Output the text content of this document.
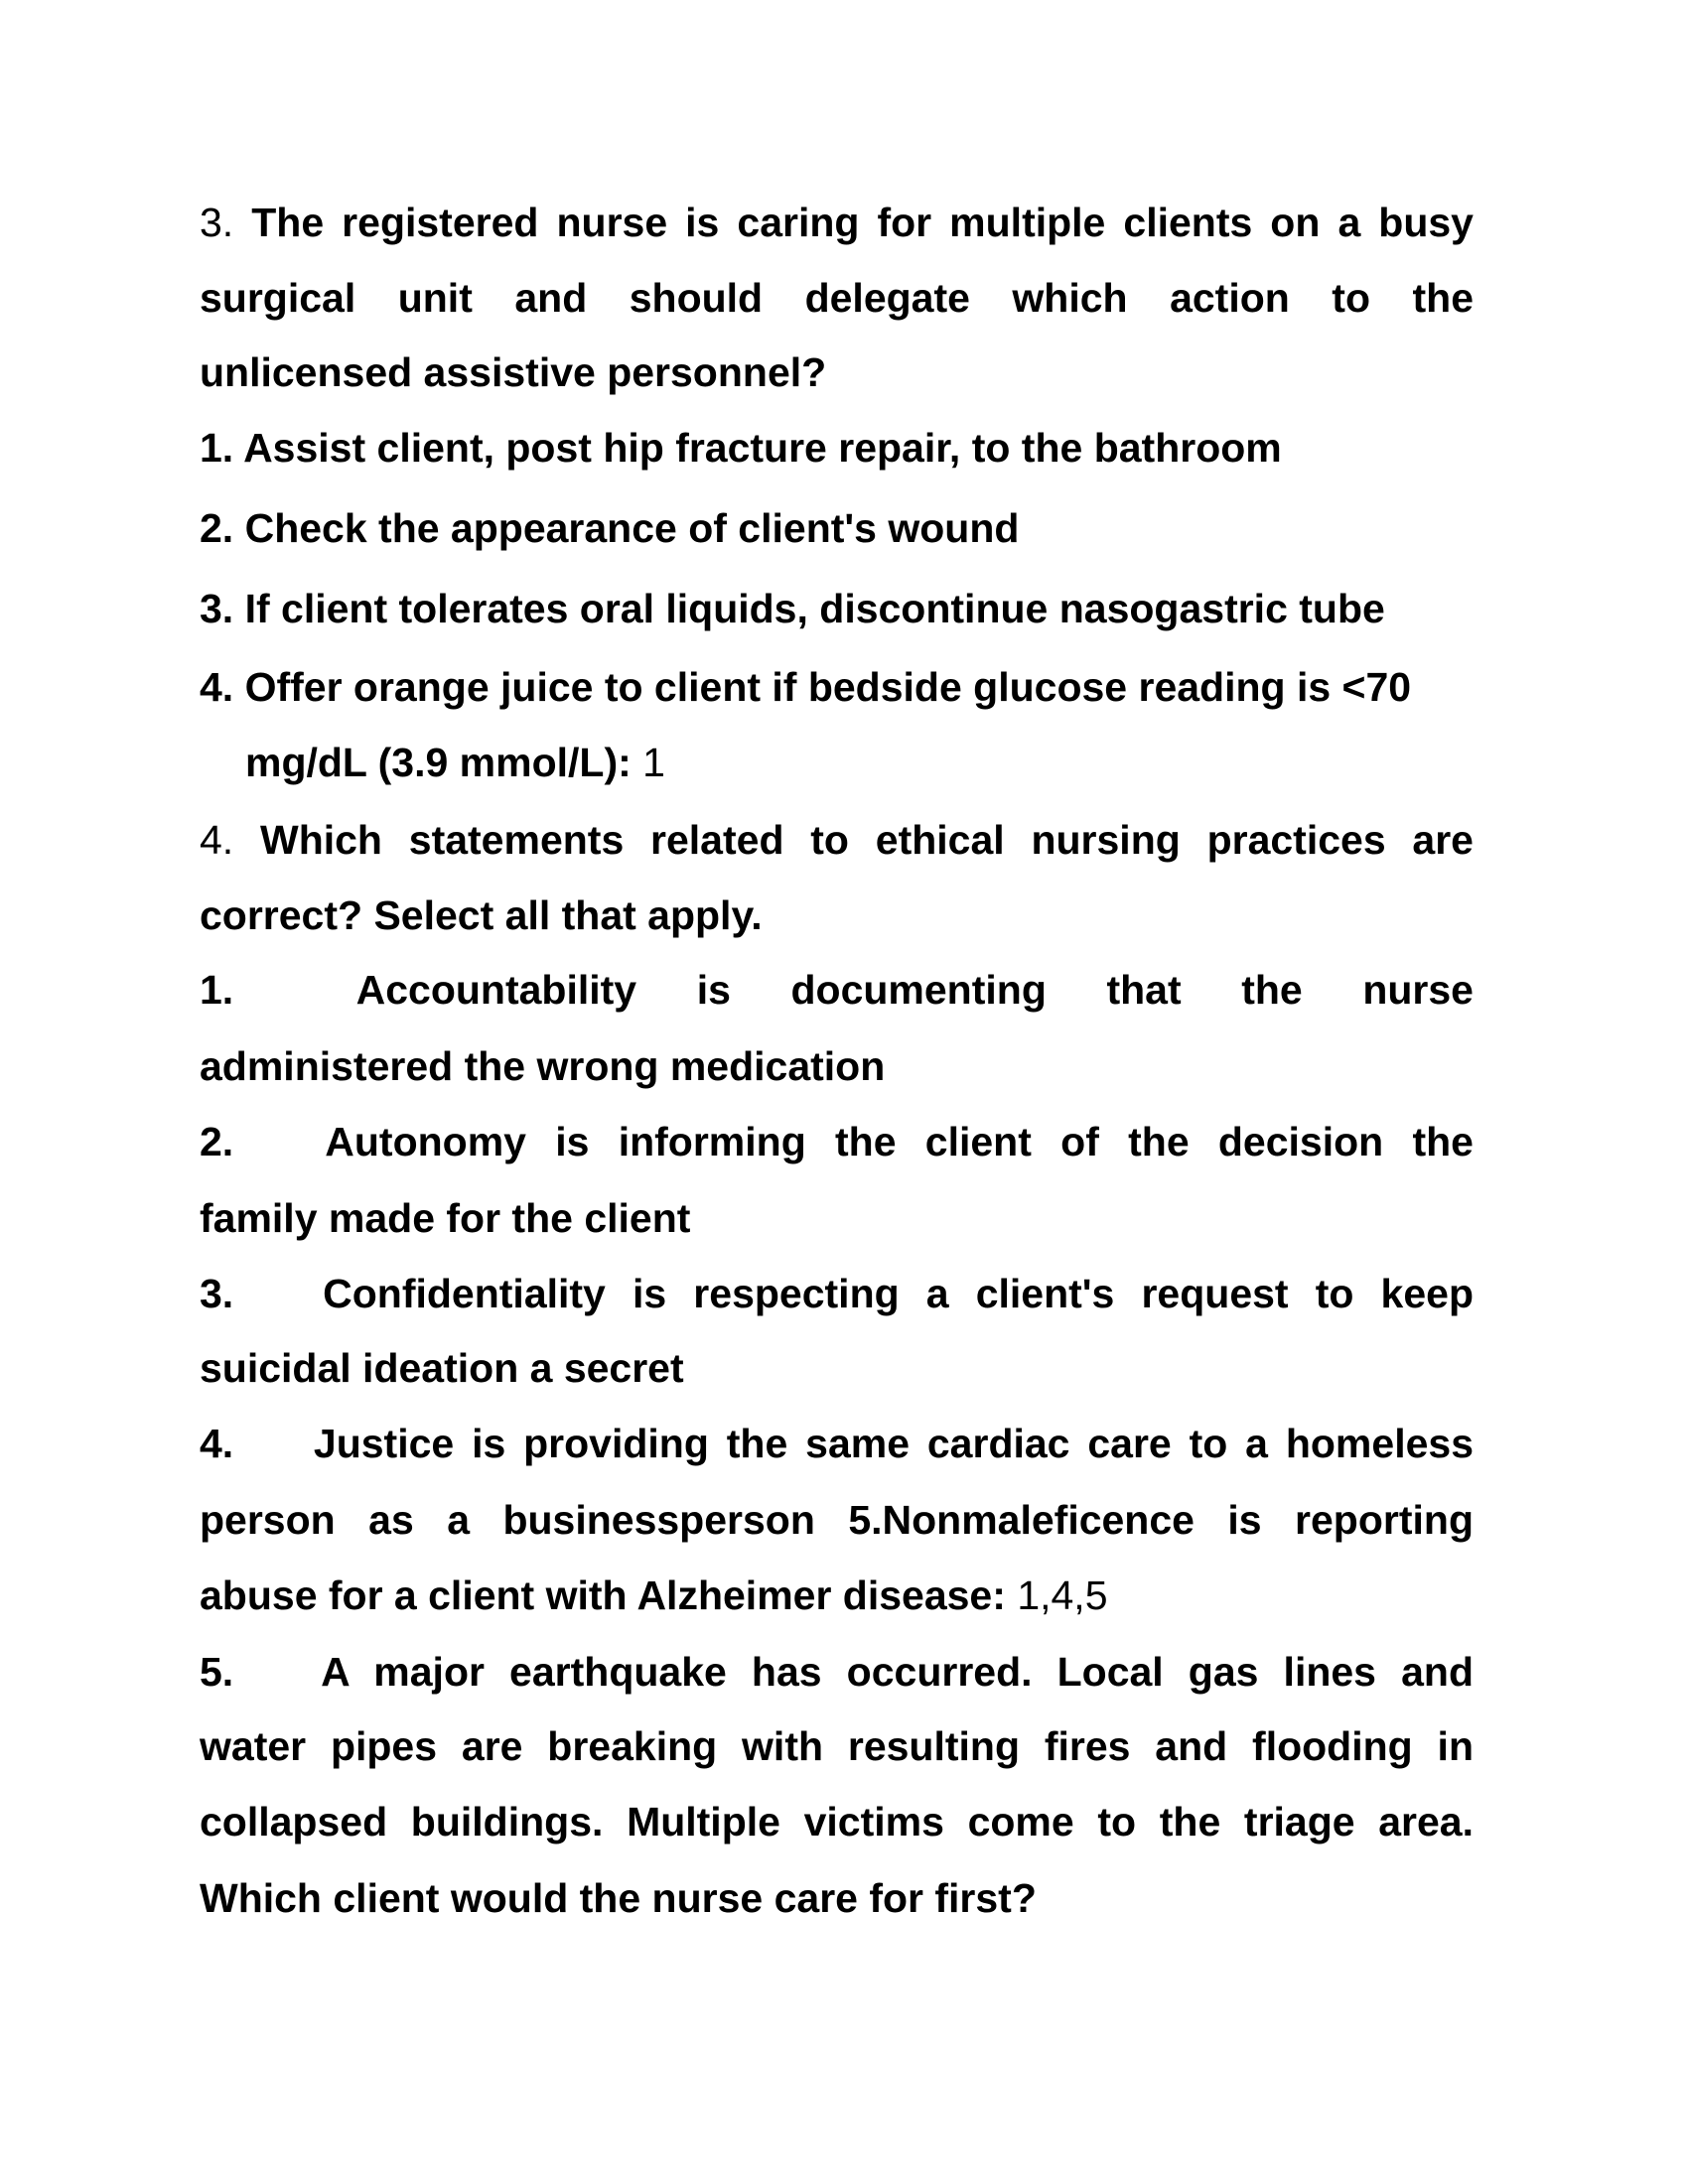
3. The registered nurse is caring for multiple clients on a busy
surgical unit and should delegate which action to the
unlicensed assistive personnel?
1. Assist client, post hip fracture repair, to the bathroom
2. Check the appearance of client's wound
3. If client tolerates oral liquids, discontinue nasogastric tube
4. Offer orange juice to client if bedside glucose reading is <70
mg/dL (3.9 mmol/L): 1
4. Which statements related to ethical nursing practices are
correct? Select all that apply.
1.	Accountability is documenting that the nurse
administered the wrong medication
2. Autonomy is informing the client of the decision the
family made for the client
3. Confidentiality is respecting a client's request to keep
suicidal ideation a secret
4. Justice is providing the same cardiac care to a homeless
person as a businessperson 5.Nonmaleficence is reporting
abuse for a client with Alzheimer disease: 1,4,5
5. A major earthquake has occurred. Local gas lines and
water pipes are breaking with resulting fires and flooding in
collapsed buildings. Multiple victims come to the triage area.
Which client would the nurse care for first?
